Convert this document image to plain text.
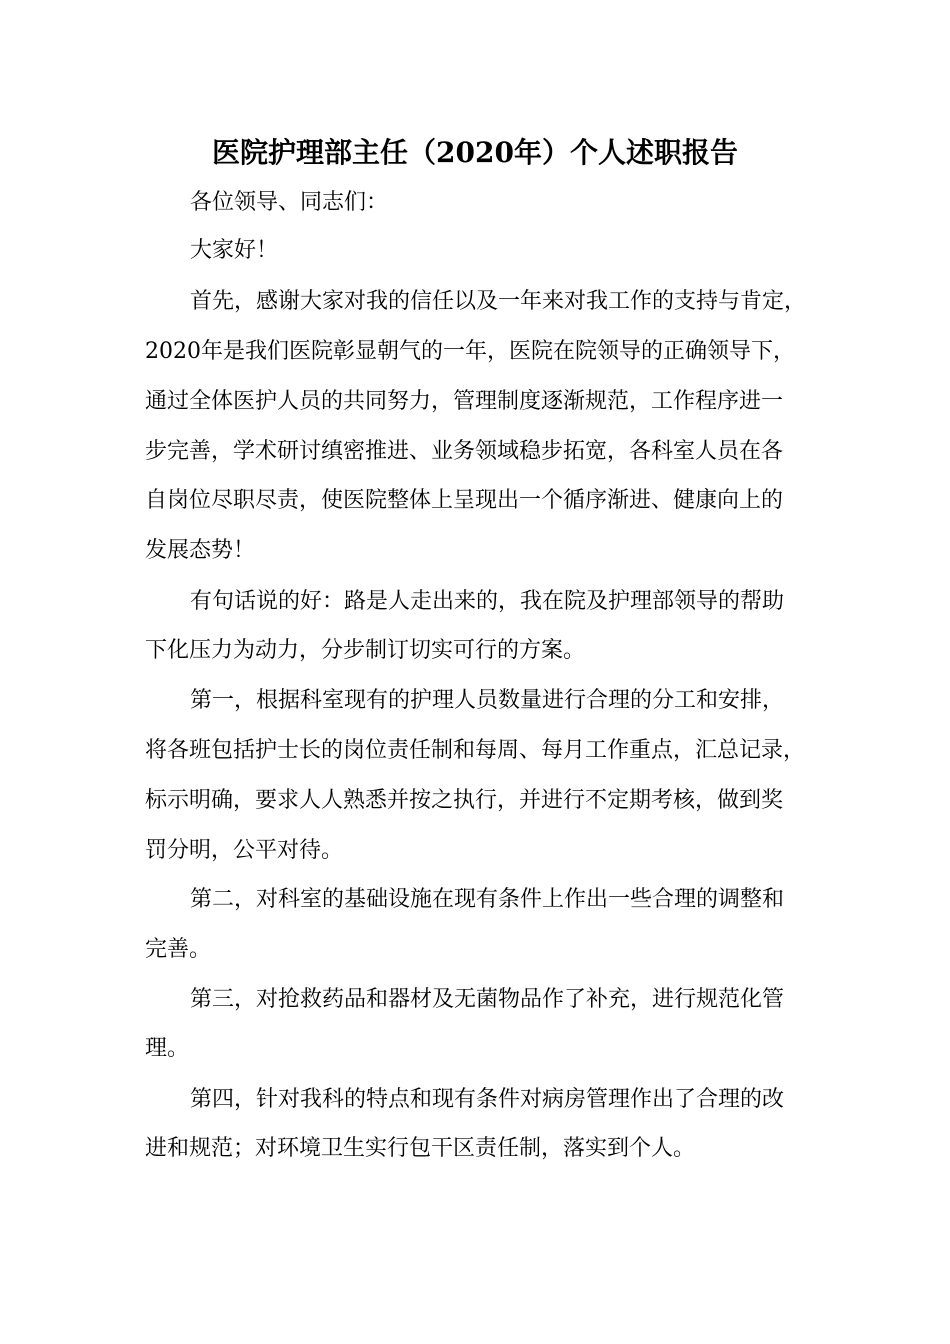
医院护理部主任（2020年）个人述职报告
各位领导、同志们：
大家好！
首先，感谢大家对我的信任以及一年来对我工作的支持与肯定，
2020年是我们医院彰显朝气的一年，医院在院领导的正确领导下，
通过全体医护人员的共同努力，管理制度逐渐规范，工作程序进一
步完善，学术研讨缜密推进、业务领域稳步拓宽，各科室人员在各
自岗位尽职尽责，使医院整体上呈现出一个循序渐进、健康向上的
发展态势！
有句话说的好：路是人走出来的，我在院及护理部领导的帮助
下化压力为动力，分步制订切实可行的方案。
第一，根据科室现有的护理人员数量进行合理的分工和安排，
将各班包括护士长的岗位责任制和每周、每月工作重点，汇总记录，
标示明确，要求人人熟悉并按之执行，并进行不定期考核，做到奖
罚分明，公平对待。
第二，对科室的基础设施在现有条件上作出一些合理的调整和
完善。
第三，对抢救药品和器材及无菌物品作了补充，进行规范化管
理。
第四，针对我科的特点和现有条件对病房管理作出了合理的改
进和规范；对环境卫生实行包干区责任制，落实到个人。
